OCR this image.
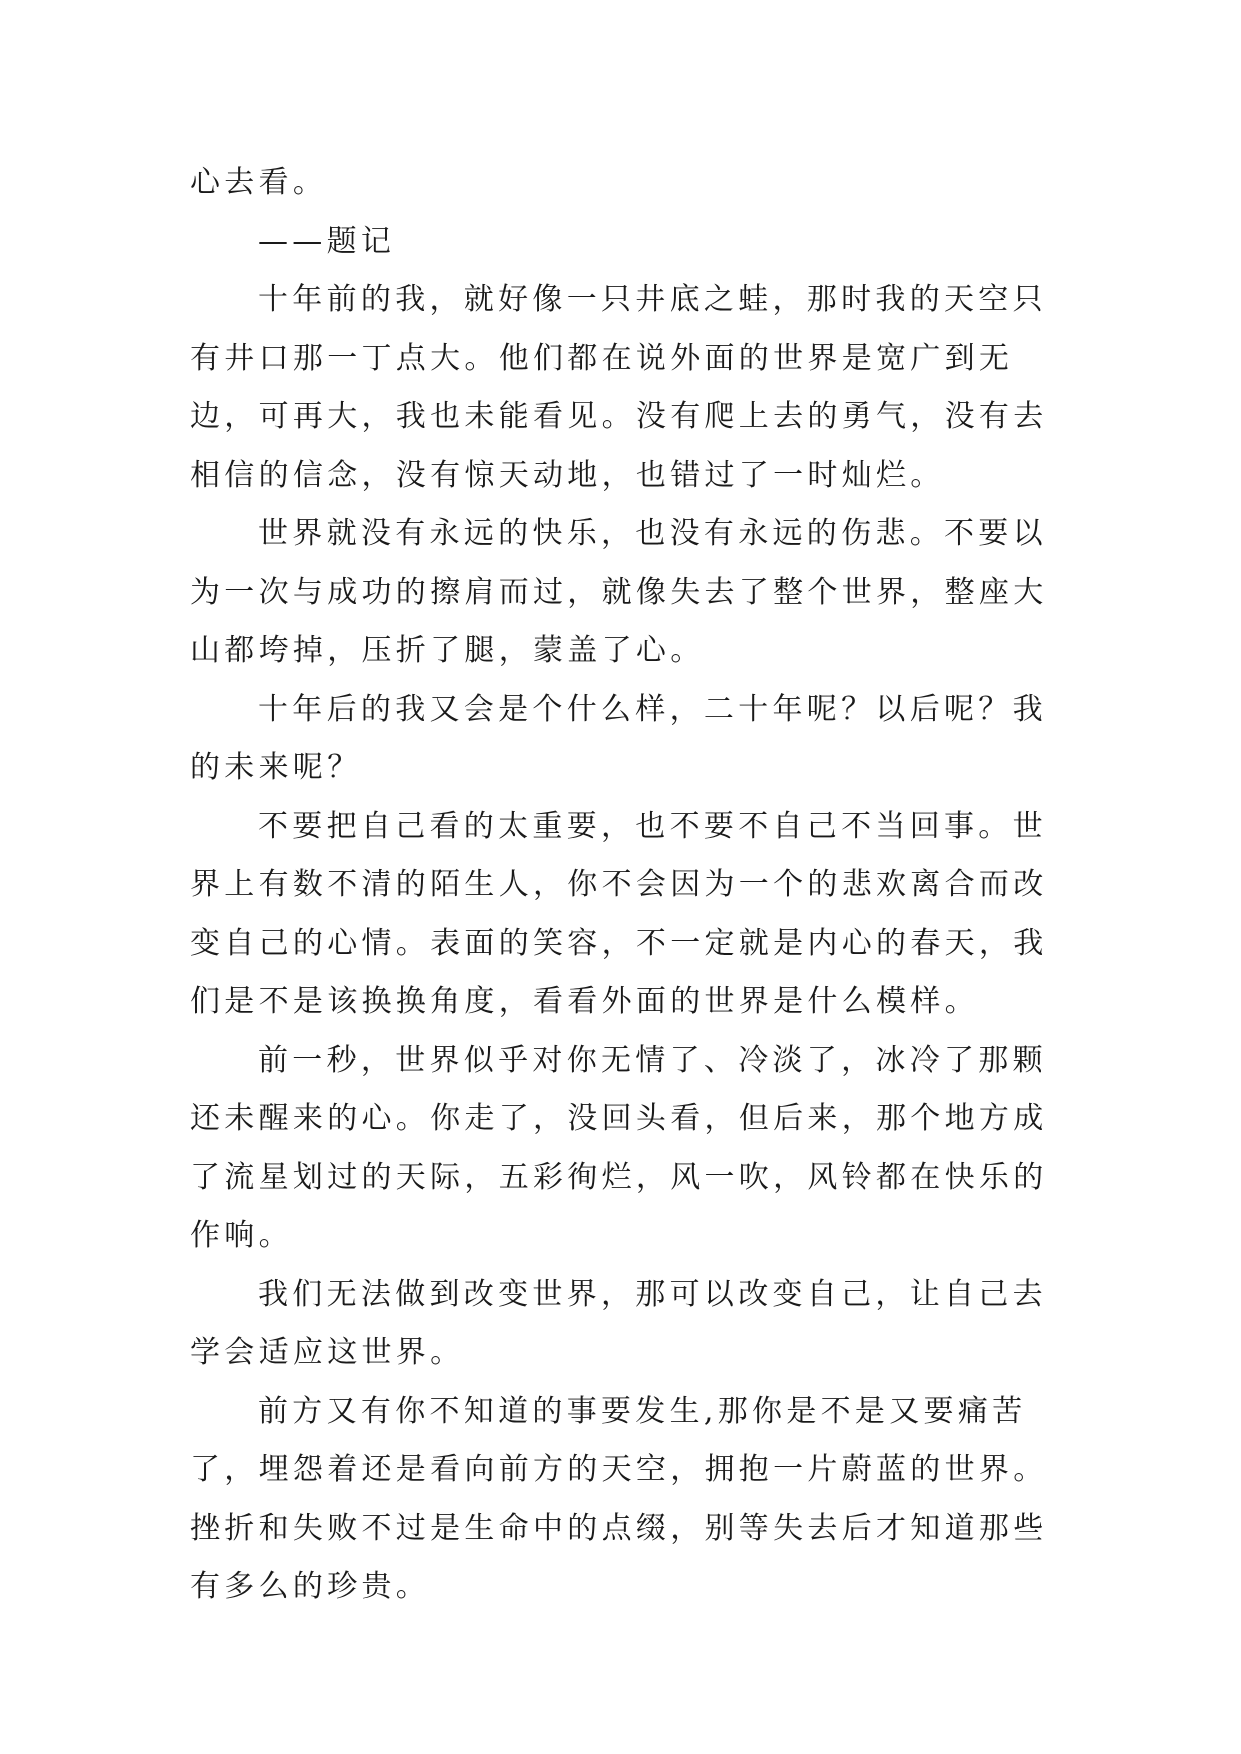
心去看。

——题记

十年前的我，就好像一只井底之蛙，那时我的天空只有井口那一丁点大。他们都在说外面的世界是宽广到无边，可再大，我也未能看见。没有爬上去的勇气，没有去相信的信念，没有惊天动地，也错过了一时灿烂。

世界就没有永远的快乐，也没有永远的伤悲。不要以为一次与成功的擦肩而过，就像失去了整个世界，整座大山都垮掉，压折了腿，蒙盖了心。

十年后的我又会是个什么样，二十年呢？以后呢？我的未来呢？

不要把自己看的太重要，也不要不自己不当回事。世界上有数不清的陌生人，你不会因为一个的悲欢离合而改变自己的心情。表面的笑容，不一定就是内心的春天，我们是不是该换换角度，看看外面的世界是什么模样。

前一秒，世界似乎对你无情了、冷淡了，冰冷了那颗还未醒来的心。你走了，没回头看，但后来，那个地方成了流星划过的天际，五彩徇烂，风一吹，风铃都在快乐的作响。

我们无法做到改变世界，那可以改变自己，让自己去学会适应这世界。

前方又有你不知道的事要发生,那你是不是又要痛苦了，埋怨着还是看向前方的天空，拥抱一片蔚蓝的世界。挫折和失败不过是生命中的点缀，别等失去后才知道那些有多么的珍贵。
